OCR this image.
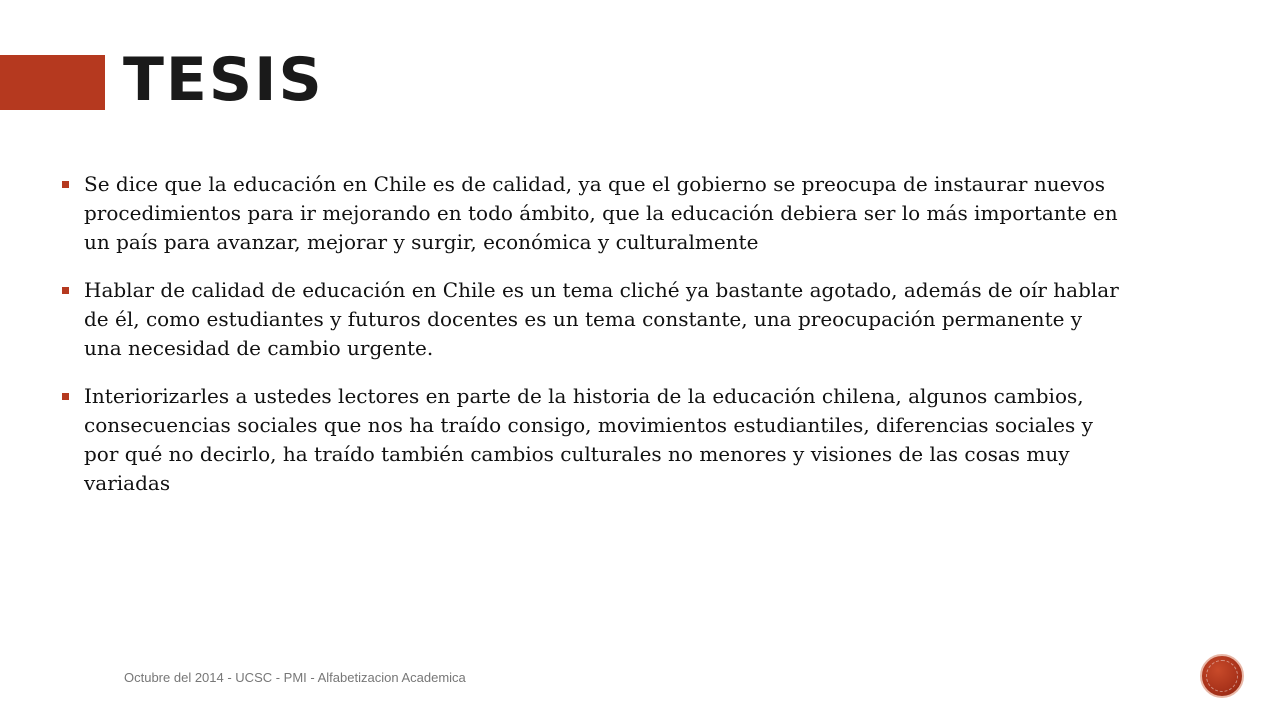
TESIS
Se dice que la educación en Chile es de calidad, ya que el gobierno se preocupa de instaurar nuevos procedimientos para ir mejorando en todo ámbito, que la educación debiera ser lo más importante en un país para avanzar, mejorar y surgir, económica y culturalmente
Hablar de calidad de educación en Chile es un tema cliché ya bastante agotado, además de oír hablar de él, como estudiantes y futuros docentes es un tema constante, una preocupación permanente y una necesidad de cambio urgente.
Interiorizarles a ustedes lectores en parte de la historia de la educación chilena, algunos cambios, consecuencias sociales que nos ha traído consigo, movimientos estudiantiles, diferencias sociales y por qué no decirlo, ha traído también cambios culturales no menores y visiones de las cosas muy variadas
Octubre del 2014 - UCSC - PMI - Alfabetizacion Academica
